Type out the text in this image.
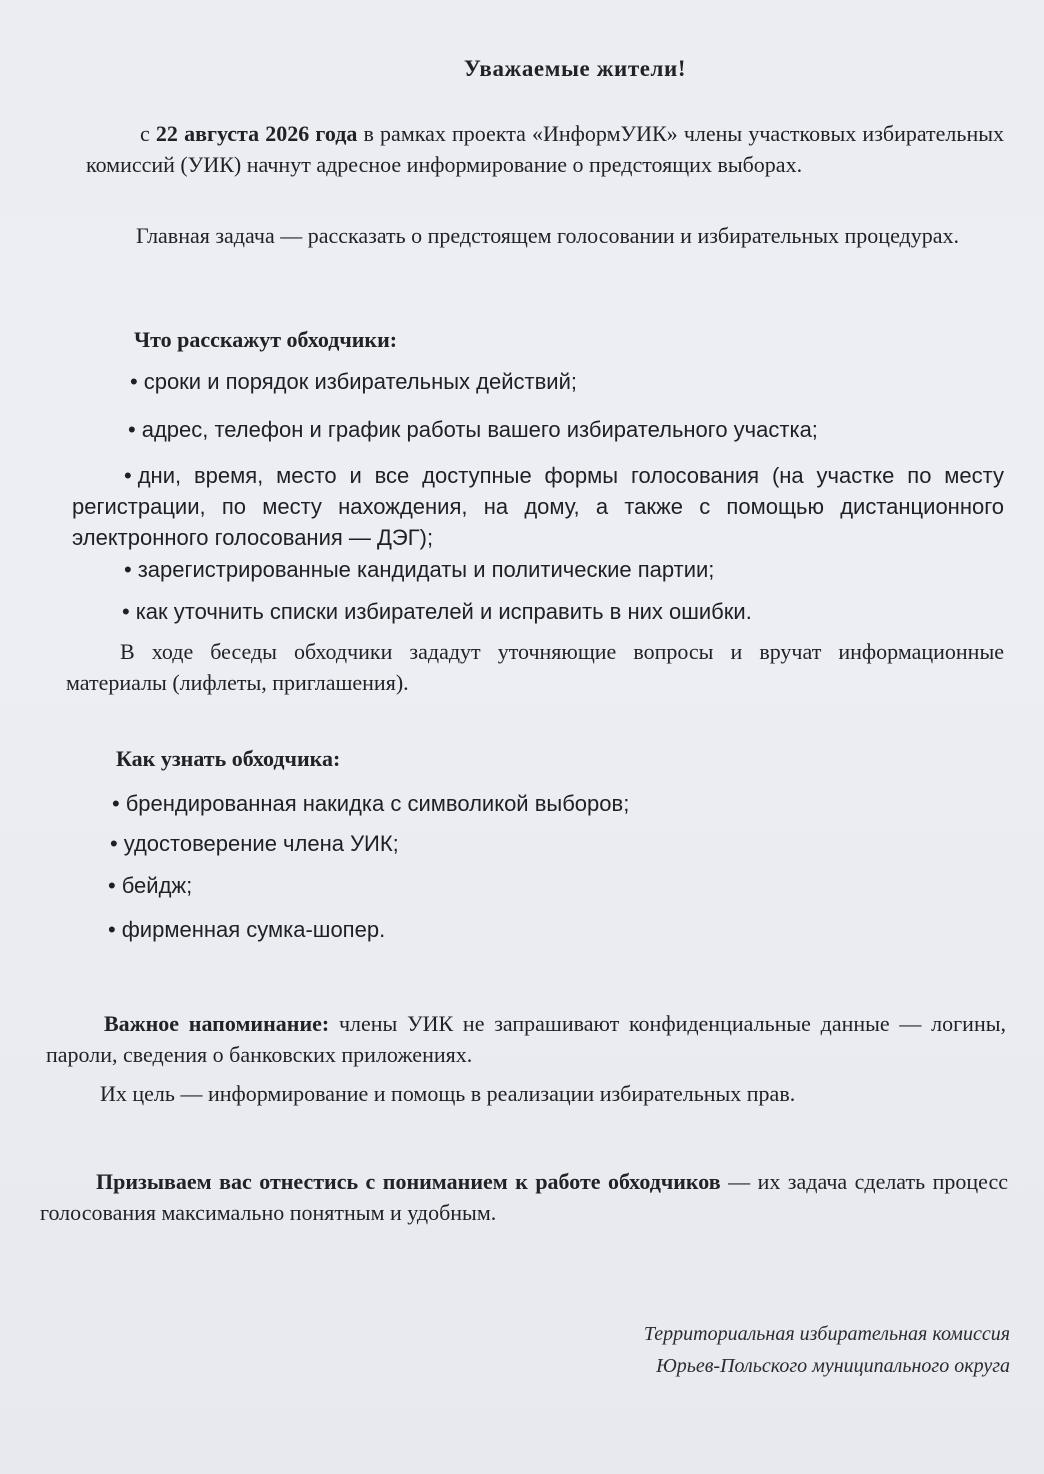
Уважаемые жители!
с 22 августа 2026 года в рамках проекта «ИнформУИК» члены участковых избирательных комиссий (УИК) начнут адресное информирование о предстоящих выборах.
Главная задача — рассказать о предстоящем голосовании и избирательных процедурах.
Что расскажут обходчики:
• сроки и порядок избирательных действий;
• адрес, телефон и график работы вашего избирательного участка;
• дни, время, место и все доступные формы голосования (на участке по месту регистрации, по месту нахождения, на дому, а также с помощью дистанционного электронного голосования — ДЭГ);
• зарегистрированные кандидаты и политические партии;
• как уточнить списки избирателей и исправить в них ошибки.
В ходе беседы обходчики зададут уточняющие вопросы и вручат информационные материалы (лифлеты, приглашения).
Как узнать обходчика:
• брендированная накидка с символикой выборов;
• удостоверение члена УИК;
• бейдж;
• фирменная сумка-шопер.
Важное напоминание: члены УИК не запрашивают конфиденциальные данные — логины, пароли, сведения о банковских приложениях.
Их цель — информирование и помощь в реализации избирательных прав.
Призываем вас отнестись с пониманием к работе обходчиков — их задача сделать процесс голосования максимально понятным и удобным.
Территориальная избирательная комиссия
Юрьев-Польского муниципального округа
